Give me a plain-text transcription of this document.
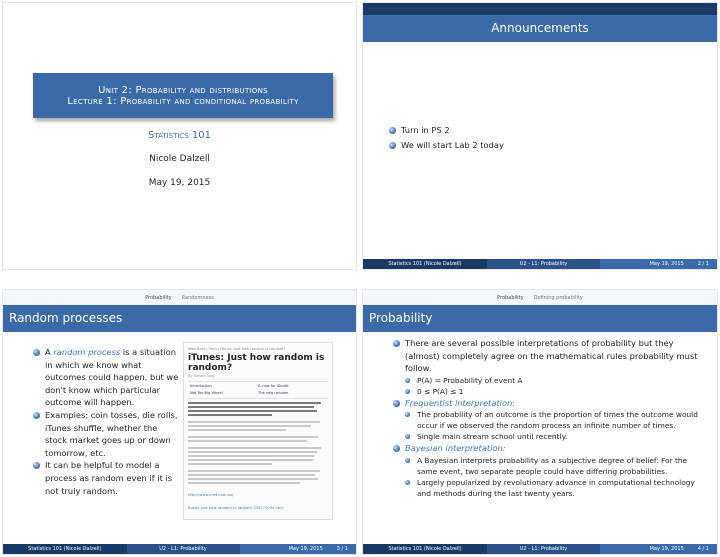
Unit 2: Probability and distributions
Lecture 1: Probability and conditional probability
Statistics 101
Nicole Dalzell
May 19, 2015
Announcements
Turn in PS 2
We will start Lab 2 today
Statistics 101 (Nicole Dalzell)	U2 - L1: Probability	May 19, 2015	2 / 1
Probability Randomness
Random processes
A random process is a situation in which we know what outcomes could happen, but we don't know which particular outcome will happen.
Examples: coin tosses, die rolls, iTunes shuffle, whether the stock market goes up or down tomorrow, etc.
It can be helpful to model a process as random even if it is not truly random.
Web Beat | Tech | iTunes: Just how random is random?
iTunes: Just how random is random?
By Steven Levy
Introduction	A cure for iDoubt
Not Too Big Wheel	The new random
http://www.cnet.com.au/
itunes-just-how-random-is-random-339274094.htm
Statistics 101 (Nicole Dalzell)	U2 - L1: Probability	May 19, 2015	3 / 1
Probability Defining probability
Probability
There are several possible interpretations of probability but they (almost) completely agree on the mathematical rules probability must follow.
P(A) = Probability of event A
0 ≤ P(A) ≤ 1
Frequentist interpretation:
The probability of an outcome is the proportion of times the outcome would occur if we observed the random process an infinite number of times.
Single main stream school until recently.
Bayesian interpretation:
A Bayesian interprets probability as a subjective degree of belief: For the same event, two separate people could have differing probabilities.
Largely popularized by revolutionary advance in computational technology and methods during the last twenty years.
Statistics 101 (Nicole Dalzell)	U2 - L1: Probability	May 19, 2015	4 / 1
